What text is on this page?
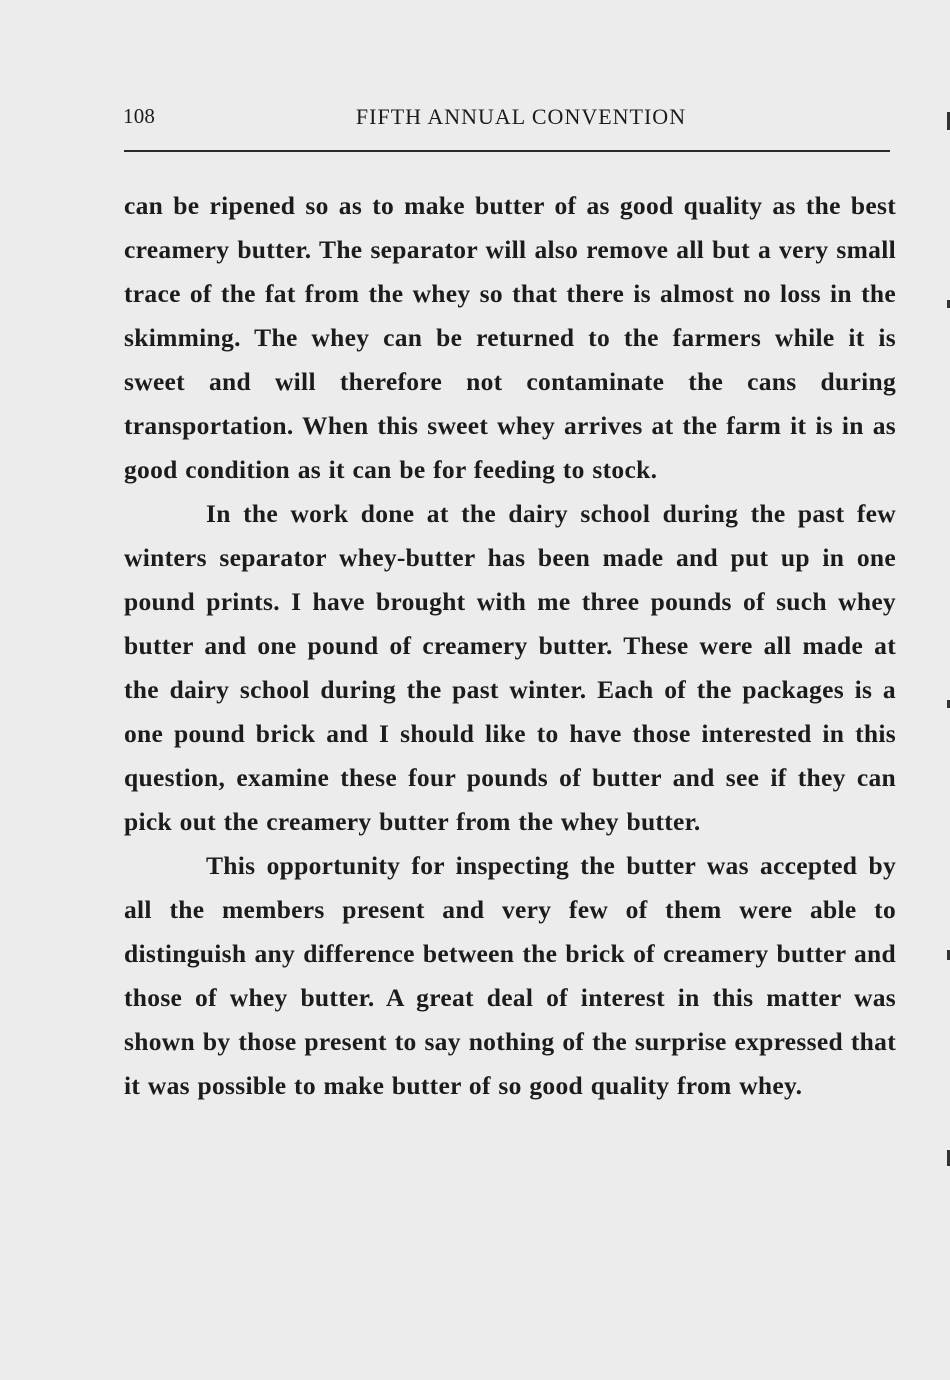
108	FIFTH ANNUAL CONVENTION

can be ripened so as to make butter of as good quality as the best creamery butter. The separator will also remove all but a very small trace of the fat from the whey so that there is almost no loss in the skimming. The whey can be returned to the farmers while it is sweet and will therefore not contaminate the cans during transportation. When this sweet whey arrives at the farm it is in as good condition as it can be for feeding to stock.

In the work done at the dairy school during the past few winters separator whey-butter has been made and put up in one pound prints. I have brought with me three pounds of such whey butter and one pound of creamery butter. These were all made at the dairy school during the past winter. Each of the packages is a one pound brick and I should like to have those interested in this question, examine these four pounds of butter and see if they can pick out the creamery butter from the whey butter.

This opportunity for inspecting the butter was accepted by all the members present and very few of them were able to distinguish any difference between the brick of creamery butter and those of whey butter. A great deal of interest in this matter was shown by those present to say nothing of the surprise expressed that it was possible to make butter of so good quality from whey.
